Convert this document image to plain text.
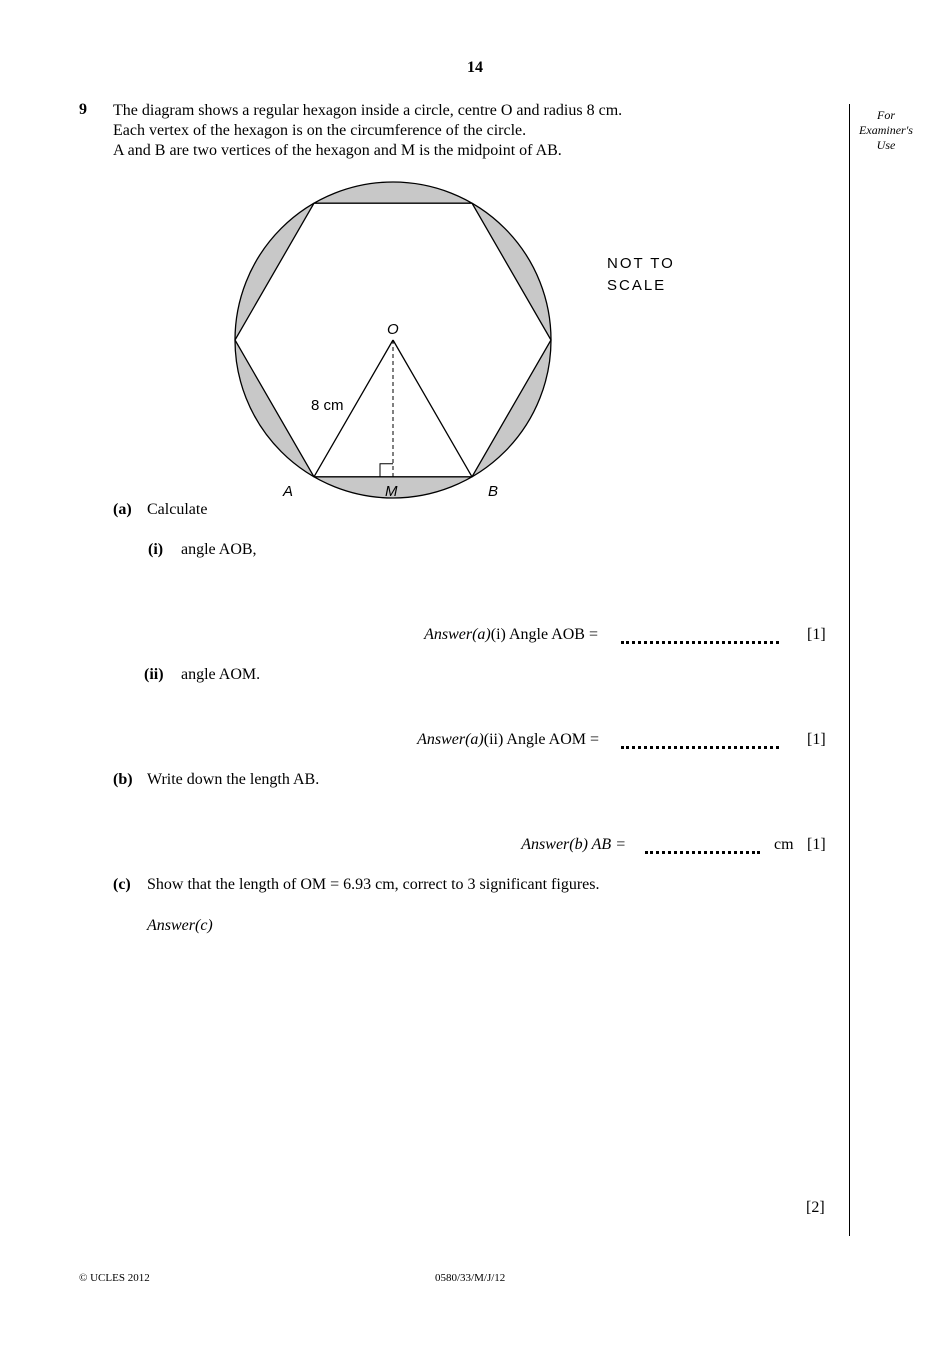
14
For
Examiner's
Use
9 The diagram shows a regular hexagon inside a circle, centre O and radius 8 cm.
Each vertex of the hexagon is on the circumference of the circle.
A and B are two vertices of the hexagon and M is the midpoint of AB.
O
A	B
M
8 cm
NOT TO
SCALE
(a) Calculate
(i) angle AOB,
Answer(a)(i) Angle AOB =	[1]
(ii) angle AOM.
Answer(a)(ii) Angle AOM =	[1]
(b) Write down the length AB.
Answer(b) AB =	cm [1]
(c) Show that the length of OM = 6.93 cm, correct to 3 significant figures.
Answer(c)
[2]
© UCLES 2012	0580/33/M/J/12
